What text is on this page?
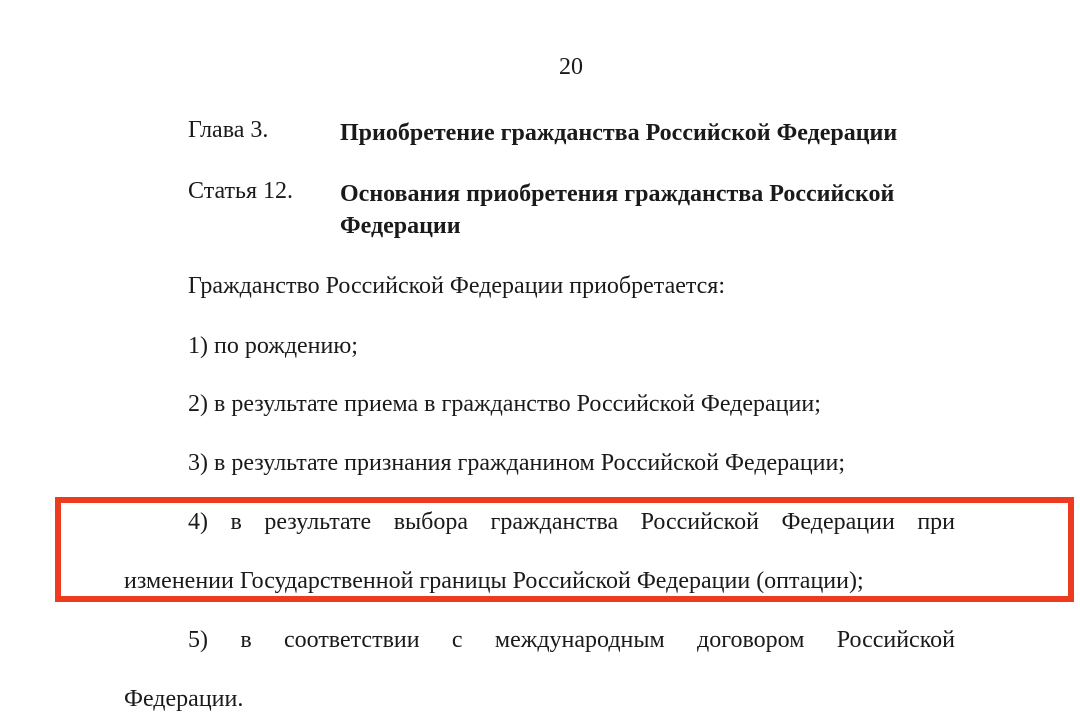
20
Глава 3.	Приобретение гражданства Российской Федерации
Статья 12.	Основания приобретения гражданства Российской
Федерации
Гражданство Российской Федерации приобретается:
1) по рождению;
2) в результате приема в гражданство Российской Федерации;
3) в результате признания гражданином Российской Федерации;
4) в результате выбора гражданства Российской Федерации при
изменении Государственной границы Российской Федерации (оптации);
5) в соответствии с международным договором Российской
Федерации.
